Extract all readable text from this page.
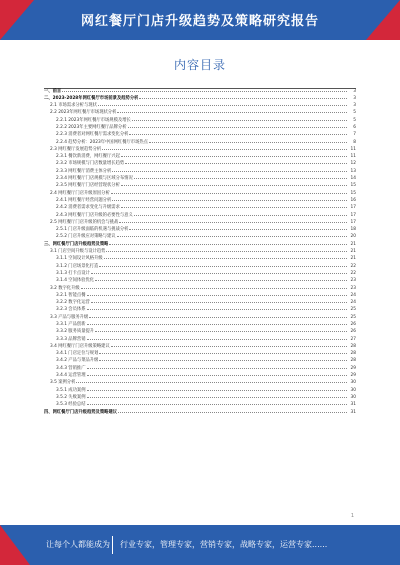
网红餐厅门店升级趋势及策略研究报告
内容目录
一、前言	3
二、2023-2028年网红餐厅市场前景及趋势分析	3
2.1 市场需求分析与现状	3
2.2 2023年网红餐厅市场现状分析	5
2.2.1 2023年网红餐厅市场规模及增长	5
2.2.2 2023年主要网红餐厅品牌分析	6
2.2.3 消费者对网红餐厅需求变化分析	7
2.2.4 趋势分析：2023年中国网红餐厅市场热点	8
2.3 网红餐厅发展趋势分析	11
2.3.1 餐饮新消费，网红餐厅兴起	11
2.3.2 市场规模与门店数量增长趋势	12
2.3.3 网红餐厅消费主体分析	13
2.3.4 网红餐厅门店规模与区域分布情况	14
2.3.5 网红餐厅门店经营现状分析	15
2.4 网红餐厅门店升级原因分析	15
2.4.1 网红餐厅经营问题分析	16
2.4.2 消费者需求变化与升级需求	17
2.4.3 网红餐厅门店升级的必要性与意义	17
2.5 网红餐厅门店升级的机会与挑战	17
2.5.1 门店升级面临的机遇与挑战分析	18
2.5.2 门店升级应对策略与建议	20
三、网红餐厅门店升级趋势及策略	21
3.1 门店空间升级与设计趋势	21
3.1.1 空间设计风格升级	21
3.1.2 门店场景化打造	22
3.1.3 打卡点设计	22
3.1.4 空间体验优化	23
3.2 数字化升级	23
3.2.1 智能点餐	24
3.2.2 数字化运营	24
3.2.3 会员体系	25
3.3 产品与服务升级	25
3.3.1 产品创新	26
3.3.2 服务质量提升	26
3.3.3 品牌营销	27
3.4 网红餐厅门店升级策略建议	28
3.4.1 门店定位与规划	28
3.4.2 产品与菜品升级	28
3.4.3 营销推广	29
3.4.4 运营管理	29
3.5 案例分析	30
3.5.1 成功案例	30
3.5.2 失败案例	30
3.5.3 经验总结	31
四、网红餐厅门店升级趋势及策略建议	31
1
让每个人都能成为 行业专家，管理专家，营销专家，战略专家，运营专家......
